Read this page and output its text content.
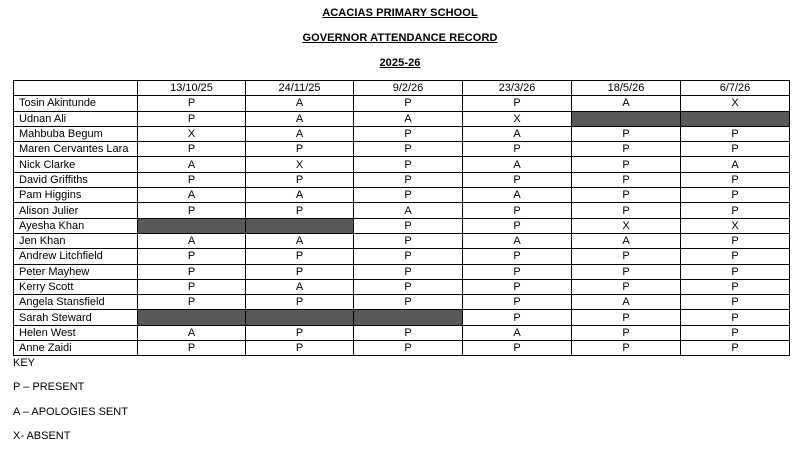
ACACIAS PRIMARY SCHOOL
GOVERNOR ATTENDANCE RECORD
2025-26
	13/10/25	24/11/25	9/2/26	23/3/26	18/5/26	6/7/26
Tosin Akintunde	P	A	P	P	A	X
Udnan Ali	P	A	A	X		
Mahbuba Begum	X	A	P	A	P	P
Maren Cervantes Lara	P	P	P	P	P	P
Nick Clarke	A	X	P	A	P	A
David Griffiths	P	P	P	P	P	P
Pam Higgins	A	A	P	A	P	P
Alison Julier	P	P	A	P	P	P
Ayesha Khan			P	P	X	X
Jen Khan	A	A	P	A	A	P
Andrew Litchfield	P	P	P	P	P	P
Peter Mayhew	P	P	P	P	P	P
Kerry Scott	P	A	P	P	P	P
Angela Stansfield	P	P	P	P	A	P
Sarah Steward				P	P	P
Helen West	A	P	P	A	P	P
Anne Zaidi	P	P	P	P	P	P
KEY
P – PRESENT
A – APOLOGIES SENT
X- ABSENT
